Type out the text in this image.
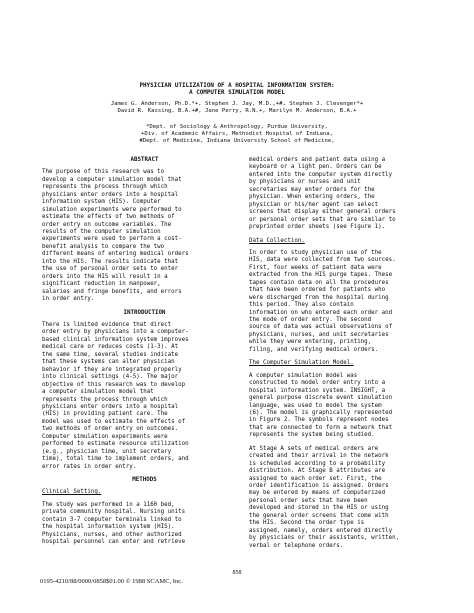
PHYSICIAN UTILIZATION OF A HOSPITAL INFORMATION SYSTEM:
A COMPUTER SIMULATION MODEL
James G. Anderson, Ph.D.*+, Stephen J. Jay, M.D.,+#, Stephen J. Clevenger*+
David R. Kassing, B.A.+#, Jane Perry, R.N.+, Marilyn M. Anderson, B.A.+
*Dept. of Sociology & Anthropology, Purdue University,
+Div. of Academic Affairs, Methodist Hospital of Indiana,
#Dept. of Medicine, Indiana University School of Medicine,
ABSTRACT
The purpose of this research was to
develop a computer simulation model that
represents the process through which
physicians enter orders into a hospital
information system (HIS). Computer
simulation experiments were performed to
estimate the effects of two methods of
order entry on outcome variables. The
results of the computer simulation
experiments were used to perform a cost-
benefit analysis to compare the two
different means of entering medical orders
into the HIS. The results indicate that
the use of personal order sets to enter
orders into the HIS will result in a
significant reduction in manpower,
salaries and fringe benefits, and errors
in order entry.
INTRODUCTION
There is limited evidence that direct
order entry by physicians into a computer-
based clinical information system improves
medical care or reduces costs (1-3). At
the same time, several studies indicate
that these systems can alter physician
behavior if they are integrated properly
into clinical settings (4-5). The major
objective of this research was to develop
a computer simulation model that
represents the process through which
physicians enter orders into a hospital
(HIS) in providing patient care. The
model was used to estimate the effects of
two methods of order entry on outcomes.
Computer simulation experiments were
performed to estimate resource utilization
(e.g., physician time, unit secretary
time), total time to implement orders, and
error rates in order entry.
METHODS
Clinical Setting.
The study was performed in a 1160 bed,
private community hospital. Nursing units
contain 3-7 computer terminals linked to
the hospital information system (HIS).
Physicians, nurses, and other authorized
hospital personnel can enter and retrieve
medical orders and patient data using a
keyboard or a light pen. Orders can be
entered into the computer system directly
by physicians or nurses and unit
secretaries may enter orders for the
physician. When entering orders, the
physician or his/her agent can select
screens that display either general orders
or personal order sets that are similar to
preprinted order sheets (see Figure 1).
Data Collection.
In order to study physician use of the
HIS, data were collected from two sources.
First, four weeks of patient data were
extracted from the HIS purge tapes. These
tapes contain data on all the procedures
that have been ordered for patients who
were discharged from the hospital during
this period. They also contain
information on who entered each order and
the mode of order entry. The second
source of data was actual observations of
physicians, nurses, and unit secretaries
while they were entering, printing,
filing, and verifying medical orders.
The Computer Simulation Model.
A computer simulation model was
constructed to model order entry into a
hospital information system. INSIGHT, a
general purpose discrete event simulation
language, was used to model the system
(6). The model is graphically represented
in Figure 2. The symbols represent nodes
that are connected to form a network that
represents the system being studied.
At Stage A sets of medical orders are
created and their arrival in the network
is scheduled according to a probability
distribution. At Stage B attributes are
assigned to each order set. First, the
order identification is assigned. Orders
may be entered by means of computerized
personal order sets that have been
developed and stored in the HIS or using
the general order screens that come with
the HIS. Second the order type is
assigned, namely, orders entered directly
by physicians or their assistants, written,
verbal or telephone orders.
858
0195-4210/88/0000/0858$01.00 © 1988 SCAMC, Inc.
